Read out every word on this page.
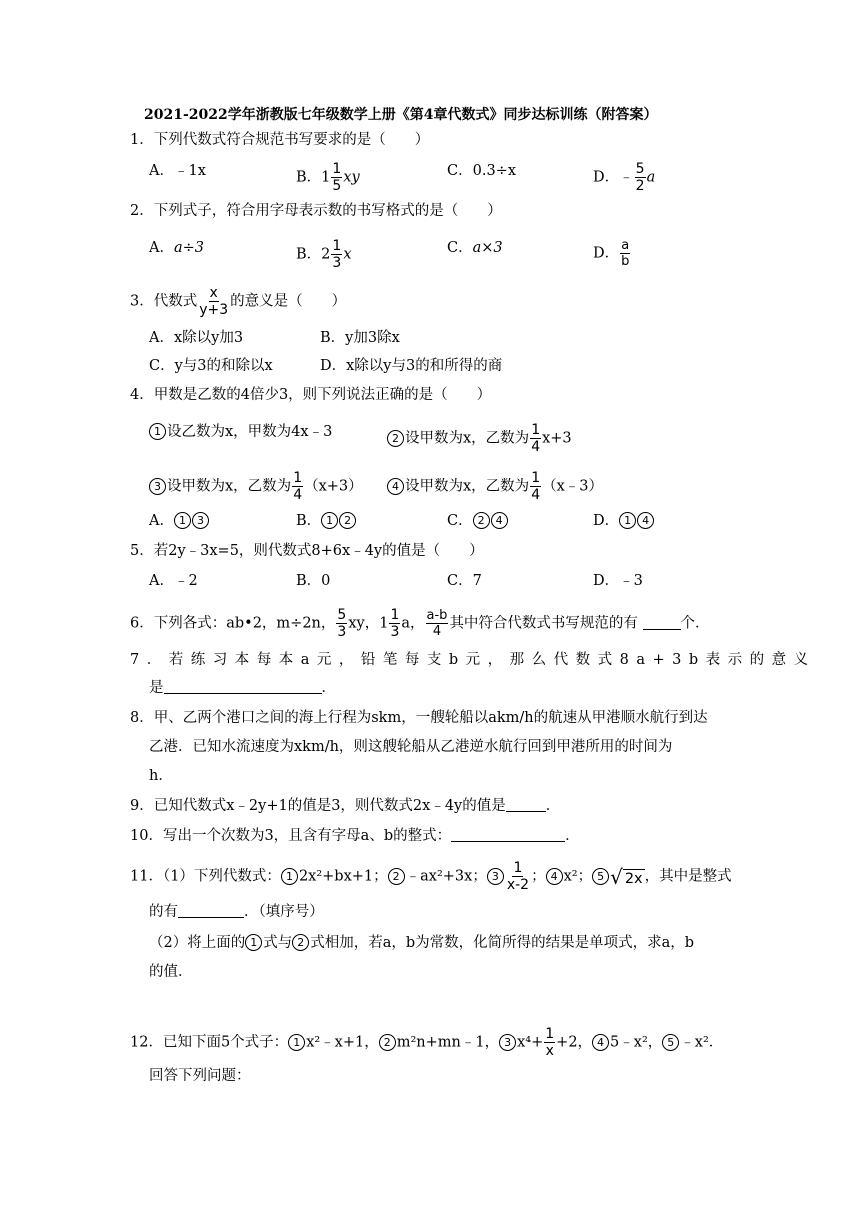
2021-2022学年浙教版七年级数学上册《第4章代数式》同步达标训练（附答案）
1．下列代数式符合规范书写要求的是（　　）
A．﹣1x	B．$1 \frac{1}{5}$ xy	C．0.3÷x	D．﹣ $\frac{5}{2}$ a
2．下列式子，符合用字母表示数的书写格式的是（　　）
A．a÷3	B．$2 \frac{1}{3}$ x	C．a×3	D． $\frac{a}{b}$
3．代数式 $\frac{x}{y+3}$ 的意义是（　　）
A．x除以y加3	B．y加3除x
C．y与3的和除以x	D．x除以y与3的和所得的商
4．甲数是乙数的4倍少3，则下列说法正确的是（　　）
1 设乙数为x，甲数为4x﹣3	2 设甲数为x，乙数为 $\frac{1}{4} x+3$
3 设甲数为x，乙数为 $\frac{1}{4} (x+3)$	4 设甲数为x，乙数为 $\frac{1}{4}$ （x﹣3）
A． 1 3	B． 1 2	C． 2 4	D． 1 4
5．若2y﹣3x=5，则代数式8+6x﹣4y的值是（　　）
A．﹣2	B．0	C．7	D．﹣3
6．下列各式：ab•2，m÷2n， $\frac{5}{3}$ xy，$1 \frac{1}{3}$ a， $\frac{a-b}{4}$ 其中符合代数式书写规范的有	个．
7．若练习本每本a元，铅笔每支b元，那么代数式8a+3b表示的意义
是	．
8．甲、乙两个港口之间的海上行程为skm，一艘轮船以akm/h的航速从甲港顺水航行到达
乙港．已知水流速度为xkm/h，则这艘轮船从乙港逆水航行回到甲港所用的时间为
h．
9．已知代数式x﹣2y+1的值是3，则代数式2x﹣4y的值是	．
10．写出一个次数为3，且含有字母a、b的整式：	．
11．（1）下列代数式： 1 2x²+bx+1； 2 ﹣ax²+3x； $3 \frac{1}{x-2}$ ； 4 x²； 5 √ 2x ，其中是整式
的有	．（填序号）
（2）将上面的 1 式与 2 式相加，若a，b为常数，化简所得的结果是单项式，求a，b
的值．
12．已知下面5个式子： 1 x²﹣x+1， 2 m²n+mn﹣1， 3 $x^4+ \frac{1}{x} +2$， 4 5﹣x²， 5 ﹣x²．
回答下列问题：
